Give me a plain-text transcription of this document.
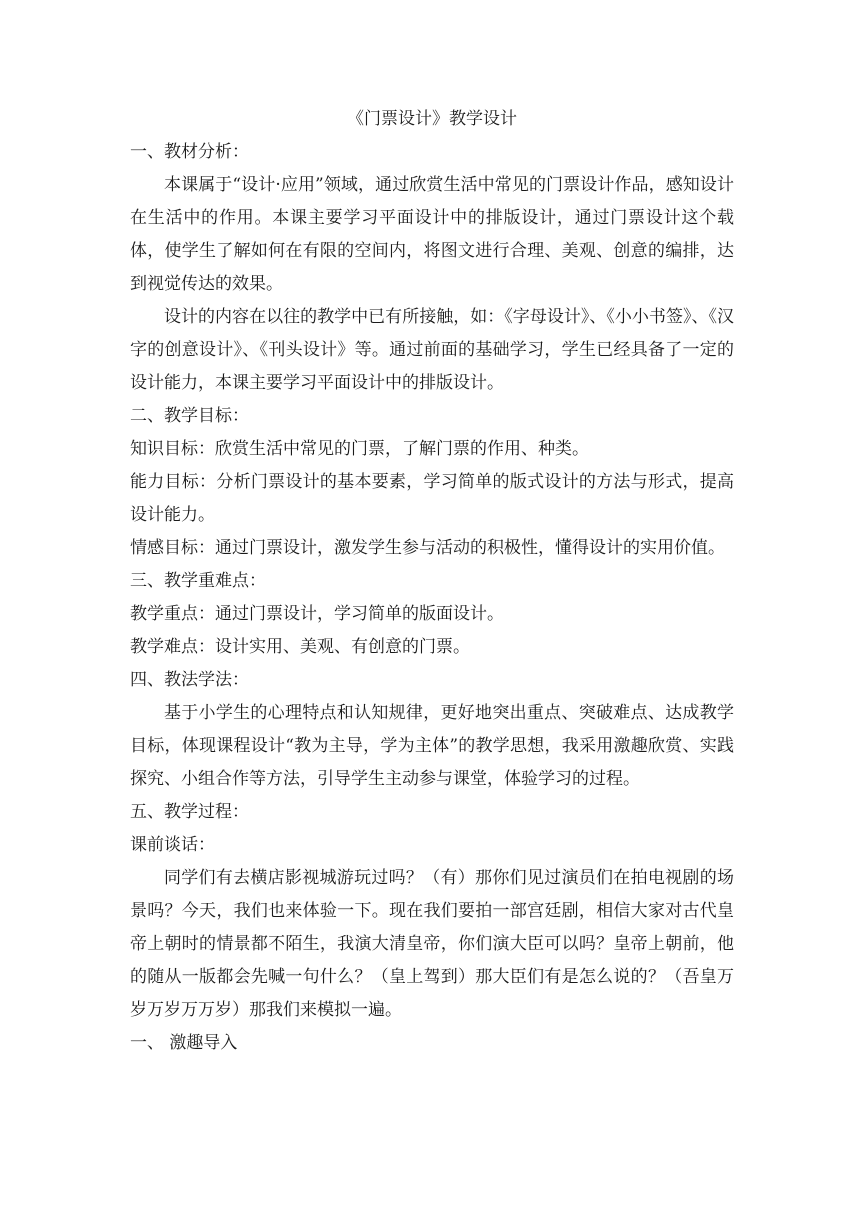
《门票设计》教学设计

一、教材分析：

本课属于“设计·应用”领域，通过欣赏生活中常见的门票设计作品，感知设计在生活中的作用。本课主要学习平面设计中的排版设计，通过门票设计这个载体，使学生了解如何在有限的空间内，将图文进行合理、美观、创意的编排，达到视觉传达的效果。

设计的内容在以往的教学中已有所接触，如：《字母设计》、《小小书签》、《汉字的创意设计》、《刊头设计》等。通过前面的基础学习，学生已经具备了一定的设计能力，本课主要学习平面设计中的排版设计。

二、教学目标：

知识目标：欣赏生活中常见的门票，了解门票的作用、种类。

能力目标：分析门票设计的基本要素，学习简单的版式设计的方法与形式，提高设计能力。

情感目标：通过门票设计，激发学生参与活动的积极性，懂得设计的实用价值。

三、教学重难点：

教学重点：通过门票设计，学习简单的版面设计。

教学难点：设计实用、美观、有创意的门票。

四、教法学法：

基于小学生的心理特点和认知规律，更好地突出重点、突破难点、达成教学目标，体现课程设计“教为主导，学为主体”的教学思想，我采用激趣欣赏、实践探究、小组合作等方法，引导学生主动参与课堂，体验学习的过程。

五、教学过程：

课前谈话：

同学们有去横店影视城游玩过吗？（有）那你们见过演员们在拍电视剧的场景吗？今天，我们也来体验一下。现在我们要拍一部宫廷剧，相信大家对古代皇帝上朝时的情景都不陌生，我演大清皇帝，你们演大臣可以吗？皇帝上朝前，他的随从一版都会先喊一句什么？（皇上驾到）那大臣们有是怎么说的？（吾皇万岁万岁万万岁）那我们来模拟一遍。

一、 激趣导入
